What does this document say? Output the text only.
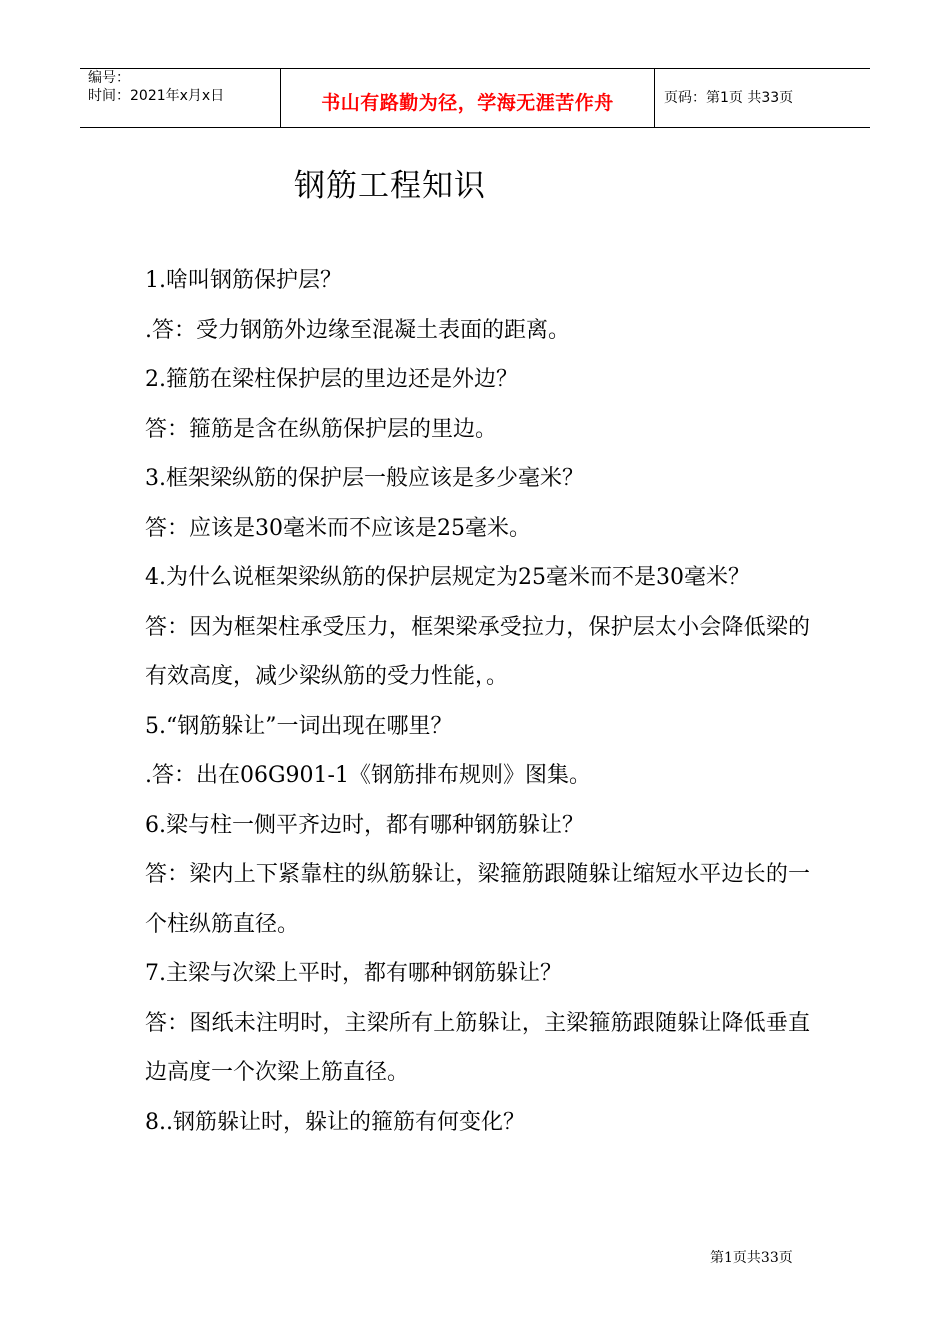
编号：
时间：2021年x月x日	书山有路勤为径，学海无涯苦作舟	页码：第1页 共33页
钢筋工程知识

1.啥叫钢筋保护层？

.答：受力钢筋外边缘至混凝土表面的距离。

2.箍筋在梁柱保护层的里边还是外边？

答：箍筋是含在纵筋保护层的里边。

3.框架梁纵筋的保护层一般应该是多少毫米？

答：应该是30毫米而不应该是25毫米。

4.为什么说框架梁纵筋的保护层规定为25毫米而不是30毫米？

答：因为框架柱承受压力，框架梁承受拉力，保护层太小会降低梁的有效高度，减少梁纵筋的受力性能，。

5.“钢筋躲让”一词出现在哪里？

.答：出在06G901-1《钢筋排布规则》图集。

6.梁与柱一侧平齐边时，都有哪种钢筋躲让？

答：梁内上下紧靠柱的纵筋躲让，梁箍筋跟随躲让缩短水平边长的一个柱纵筋直径。

7.主梁与次梁上平时，都有哪种钢筋躲让？

答：图纸未注明时，主梁所有上筋躲让，主梁箍筋跟随躲让降低垂直边高度一个次梁上筋直径。

8..钢筋躲让时，躲让的箍筋有何变化？

第1页共33页
